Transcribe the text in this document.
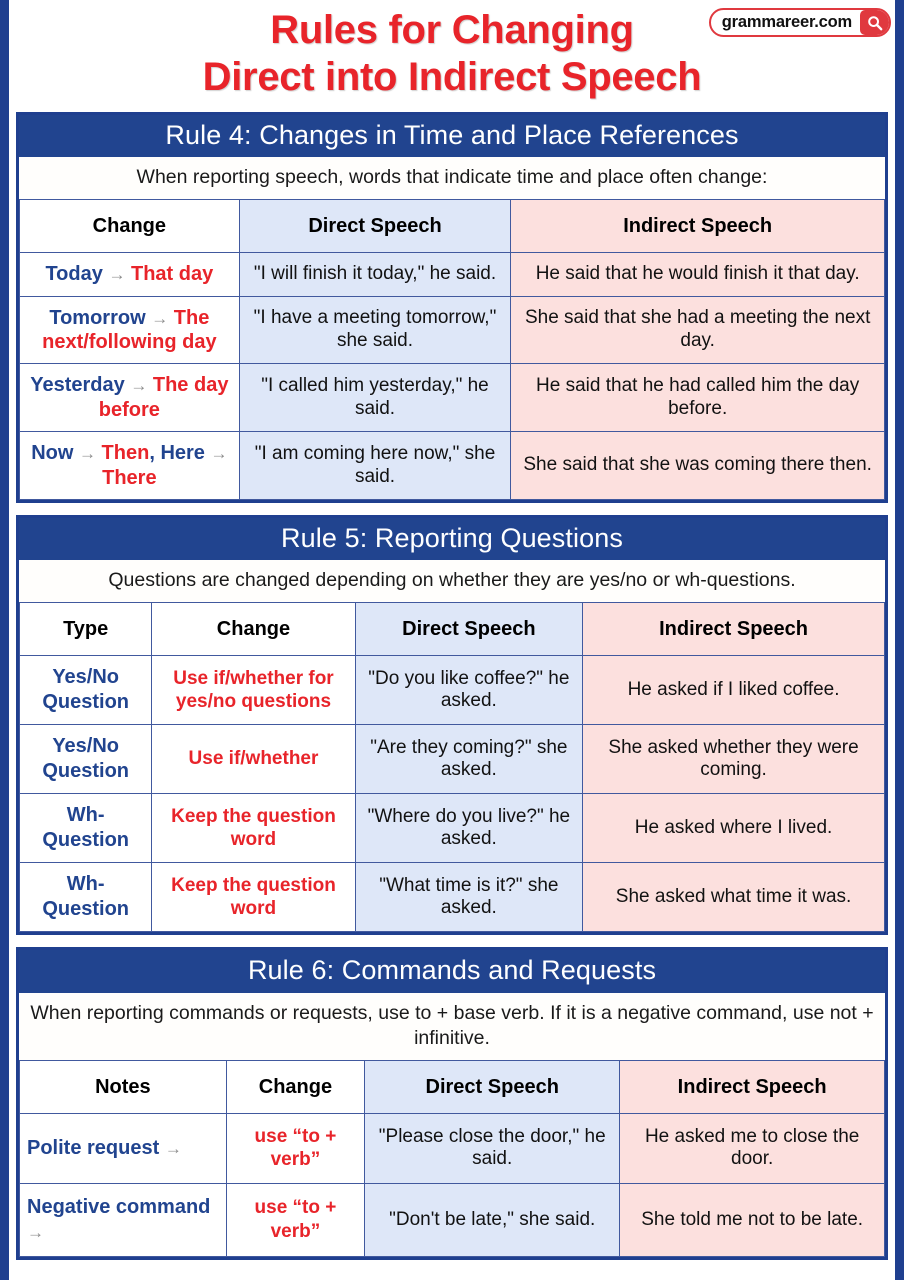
Rules for Changing
Direct into Indirect Speech
grammareer.com
Rule 4: Changes in Time and Place References
When reporting speech, words that indicate time and place often change:
Change	Direct Speech	Indirect Speech
Today → That day	"I will finish it today," he said.	He said that he would finish it that day.
Tomorrow → The next/following day	"I have a meeting tomorrow," she said.	She said that she had a meeting the next day.
Yesterday → The day before	"I called him yesterday," he said.	He said that he had called him the day before.
Now → Then, Here → There	"I am coming here now," she said.	She said that she was coming there then.
Rule 5: Reporting Questions
Questions are changed depending on whether they are yes/no or wh-questions.
Type	Change	Direct Speech	Indirect Speech
Yes/No Question	Use if/whether for yes/no questions	"Do you like coffee?" he asked.	He asked if I liked coffee.
Yes/No Question	Use if/whether	"Are they coming?" she asked.	She asked whether they were coming.
Wh-Question	Keep the question word	"Where do you live?" he asked.	He asked where I lived.
Wh-Question	Keep the question word	"What time is it?" she asked.	She asked what time it was.
Rule 6: Commands and Requests
When reporting commands or requests, use to + base verb. If it is a negative command, use not + infinitive.
Notes	Change	Direct Speech	Indirect Speech
Polite request →	use “to + verb”	"Please close the door," he said.	He asked me to close the door.
Negative command →	use “to + verb”	"Don't be late," she said.	She told me not to be late.
